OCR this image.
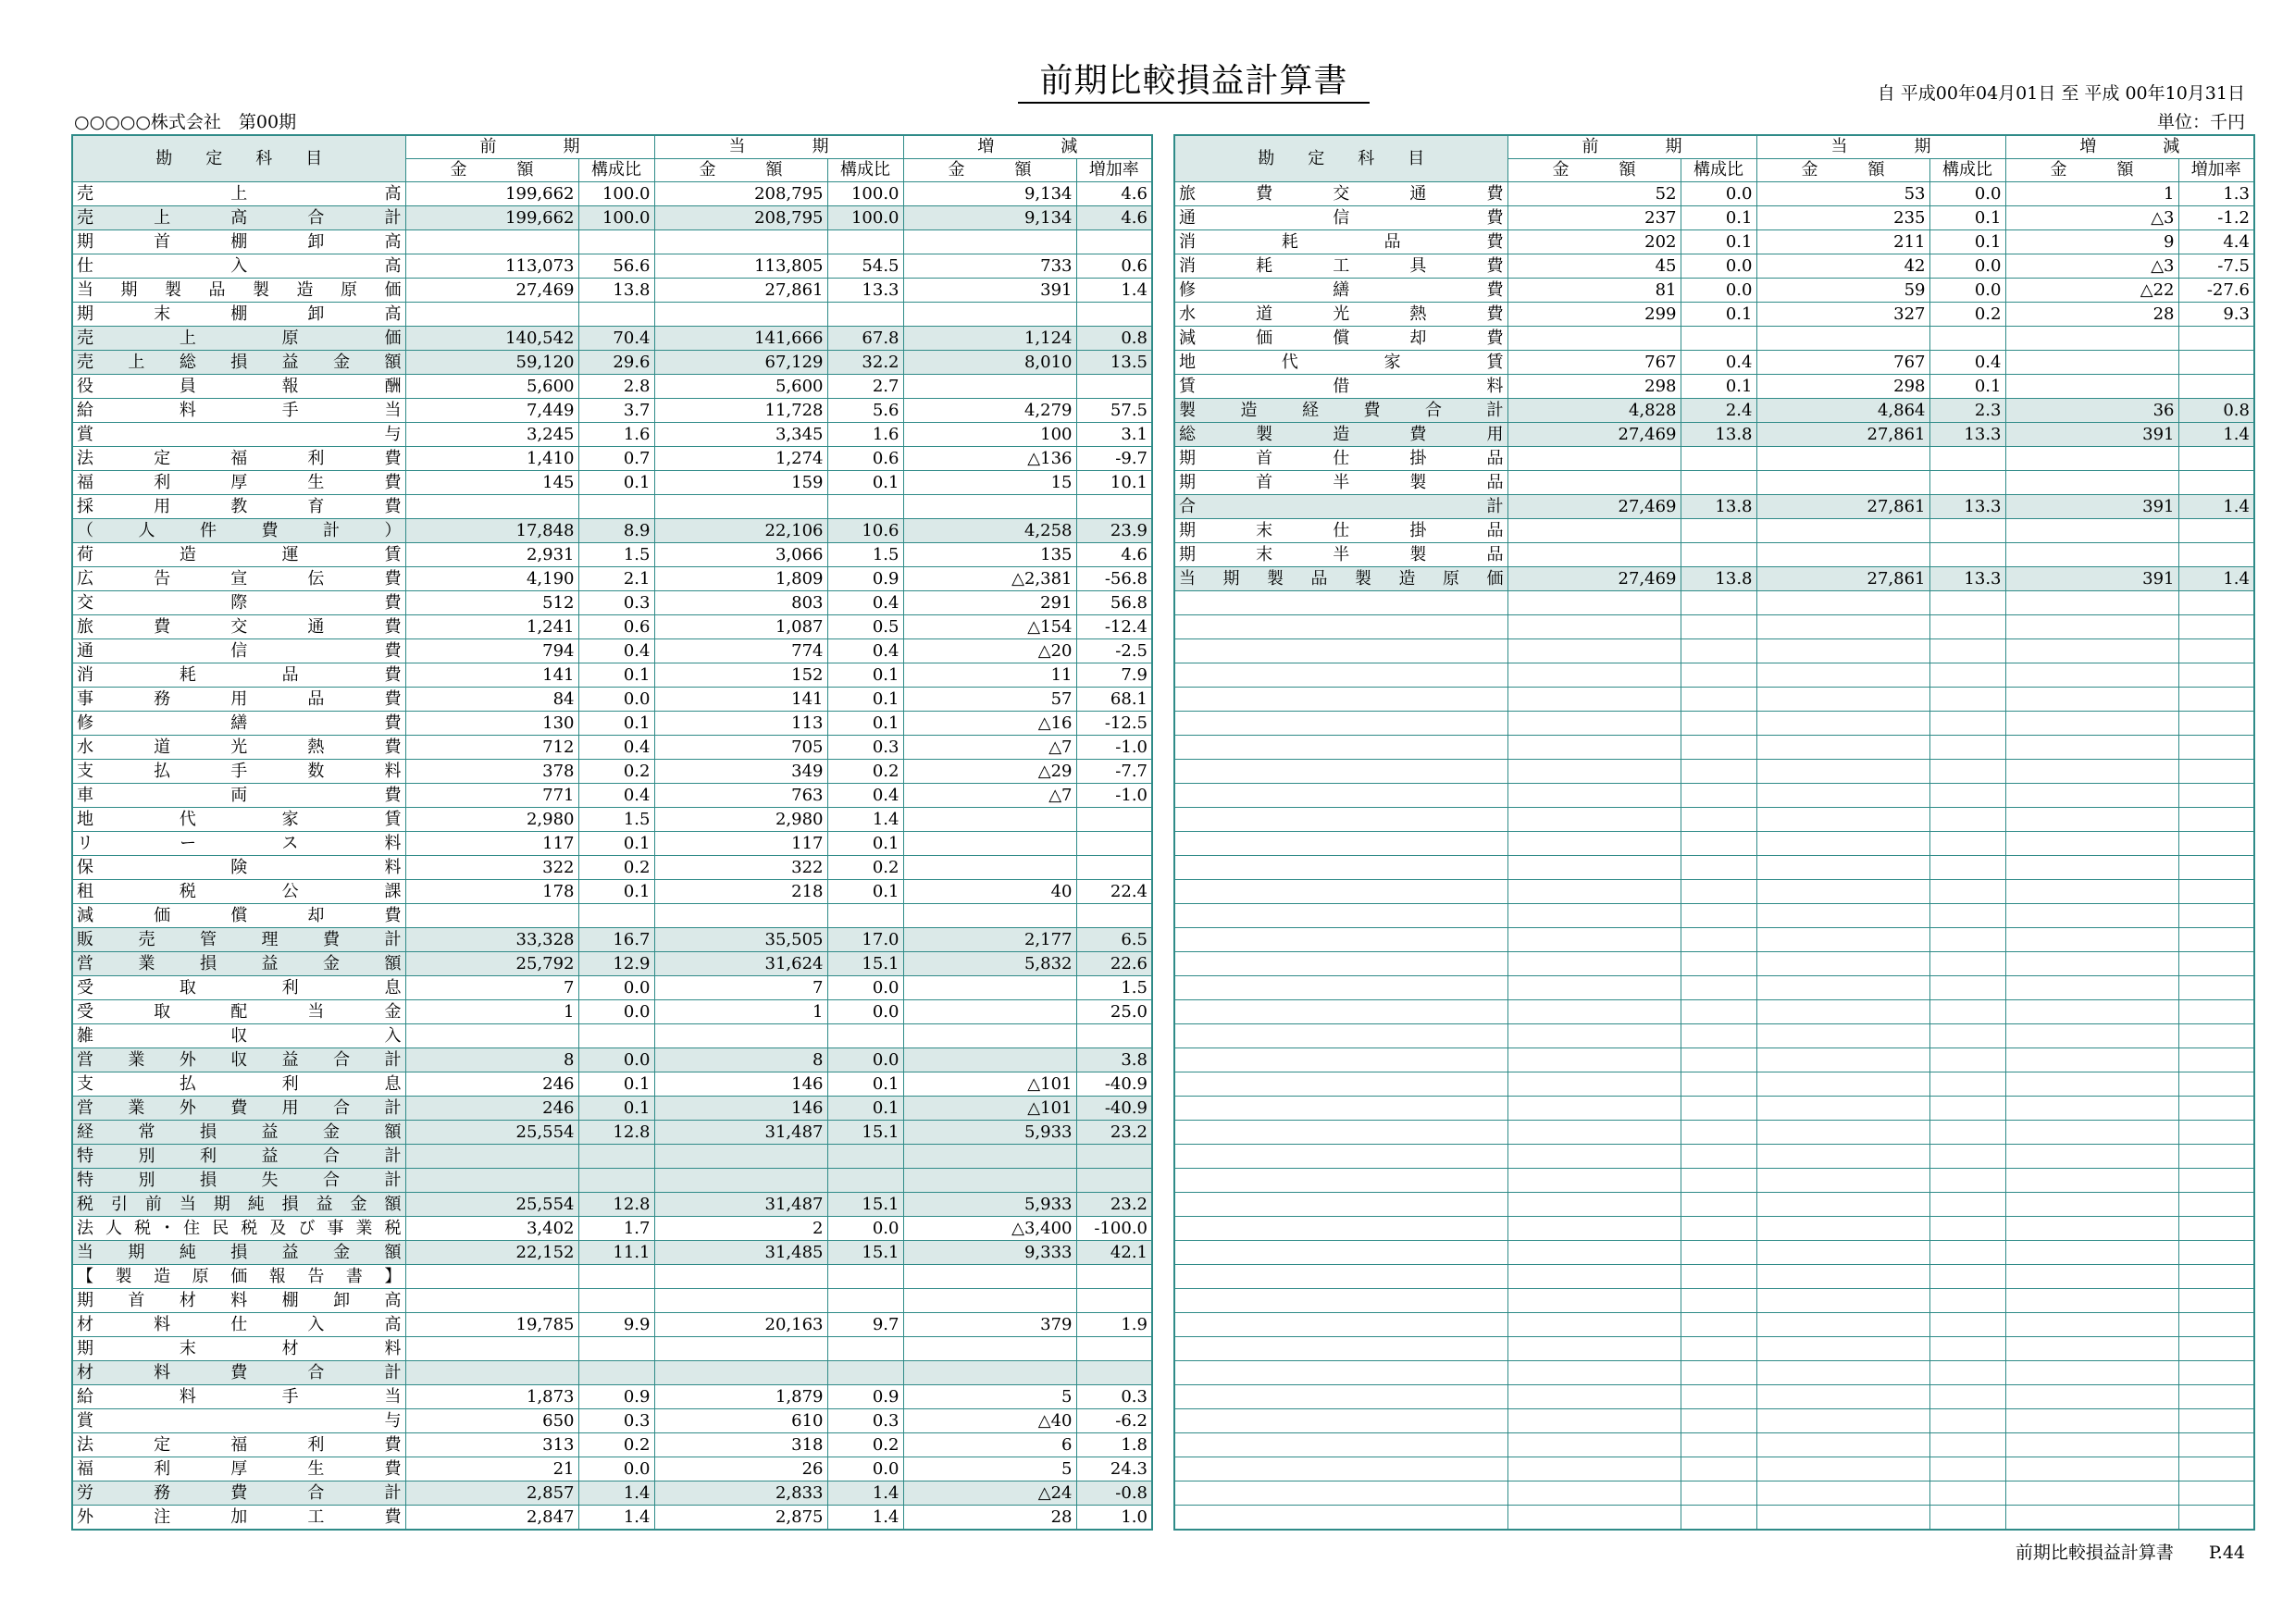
前期比較損益計算書	自 平成00年04月01日 至 平成 00年10月31日
○○○○○株式会社　第00期	単位：千円
勘　　定　　科　　目	前　　　　期		当　　　　期		増　　　　減	
	金　　　額	構成比	金　　　額	構成比	金　　　額	増加率
売上高	199,662	100.0	208,795	100.0	9,134	4.6
売上高合計	199,662	100.0	208,795	100.0	9,134	4.6
期首棚卸高						
仕入高	113,073	56.6	113,805	54.5	733	0.6
当期製品製造原価	27,469	13.8	27,861	13.3	391	1.4
期末棚卸高						
売上原価	140,542	70.4	141,666	67.8	1,124	0.8
売上総損益金額	59,120	29.6	67,129	32.2	8,010	13.5
役員報酬	5,600	2.8	5,600	2.7		
給料手当	7,449	3.7	11,728	5.6	4,279	57.5
賞与	3,245	1.6	3,345	1.6	100	3.1
法定福利費	1,410	0.7	1,274	0.6	△136	-9.7
福利厚生費	145	0.1	159	0.1	15	10.1
採用教育費						
（人件費計）	17,848	8.9	22,106	10.6	4,258	23.9
荷造運賃	2,931	1.5	3,066	1.5	135	4.6
広告宣伝費	4,190	2.1	1,809	0.9	△2,381	-56.8
交際費	512	0.3	803	0.4	291	56.8
旅費交通費	1,241	0.6	1,087	0.5	△154	-12.4
通信費	794	0.4	774	0.4	△20	-2.5
消耗品費	141	0.1	152	0.1	11	7.9
事務用品費	84	0.0	141	0.1	57	68.1
修繕費	130	0.1	113	0.1	△16	-12.5
水道光熱費	712	0.4	705	0.3	△7	-1.0
支払手数料	378	0.2	349	0.2	△29	-7.7
車両費	771	0.4	763	0.4	△7	-1.0
地代家賃	2,980	1.5	2,980	1.4		
リース料	117	0.1	117	0.1		
保険料	322	0.2	322	0.2		
租税公課	178	0.1	218	0.1	40	22.4
減価償却費						
販売管理費計	33,328	16.7	35,505	17.0	2,177	6.5
営業損益金額	25,792	12.9	31,624	15.1	5,832	22.6
受取利息	7	0.0	7	0.0		1.5
受取配当金	1	0.0	1	0.0		25.0
雑収入						
営業外収益合計	8	0.0	8	0.0		3.8
支払利息	246	0.1	146	0.1	△101	-40.9
営業外費用合計	246	0.1	146	0.1	△101	-40.9
経常損益金額	25,554	12.8	31,487	15.1	5,933	23.2
特別利益合計						
特別損失合計						
税引前当期純損益金額	25,554	12.8	31,487	15.1	5,933	23.2
法人税･住民税及び事業税	3,402	1.7	2	0.0	△3,400	-100.0
当期純損益金額	22,152	11.1	31,485	15.1	9,333	42.1
【製造原価報告書】						
期首材料棚卸高						
材料仕入高	19,785	9.9	20,163	9.7	379	1.9
期末材料						
材料費合計						
給料手当	1,873	0.9	1,879	0.9	5	0.3
賞与	650	0.3	610	0.3	△40	-6.2
法定福利費	313	0.2	318	0.2	6	1.8
福利厚生費	21	0.0	26	0.0	5	24.3
労務費合計	2,857	1.4	2,833	1.4	△24	-0.8
外注加工費	2,847	1.4	2,875	1.4	28	1.0
勘　　定　　科　　目	前　　　　期		当　　　　期		増　　　　減	
	金　　　額	構成比	金　　　額	構成比	金　　　額	増加率
旅費交通費	52	0.0	53	0.0	1	1.3
通信費	237	0.1	235	0.1	△3	-1.2
消耗品費	202	0.1	211	0.1	9	4.4
消耗工具費	45	0.0	42	0.0	△3	-7.5
修繕費	81	0.0	59	0.0	△22	-27.6
水道光熱費	299	0.1	327	0.2	28	9.3
減価償却費						
地代家賃	767	0.4	767	0.4		
賃借料	298	0.1	298	0.1		
製造経費合計	4,828	2.4	4,864	2.3	36	0.8
総製造費用	27,469	13.8	27,861	13.3	391	1.4
期首仕掛品						
期首半製品						
合計	27,469	13.8	27,861	13.3	391	1.4
期末仕掛品						
期末半製品						
当期製品製造原価	27,469	13.8	27,861	13.3	391	1.4

前期比較損益計算書 P.44
